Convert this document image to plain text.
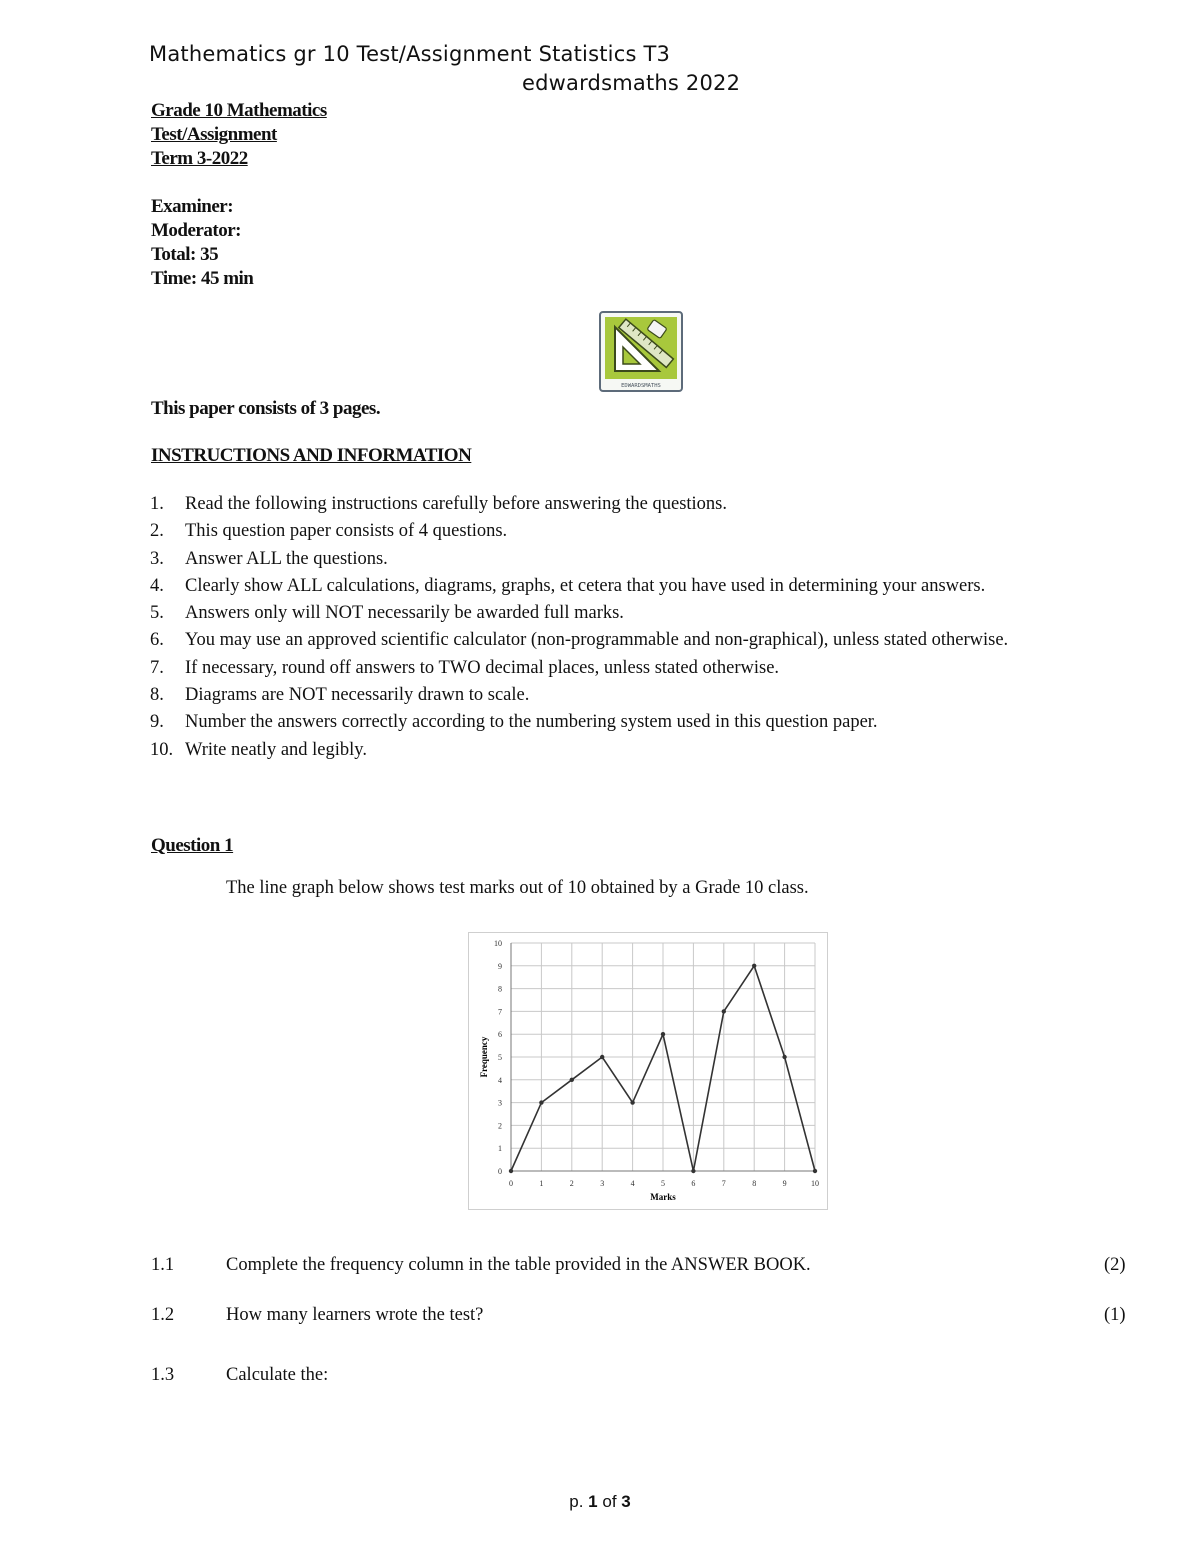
Mathematics gr 10 Test/Assignment Statistics T3
edwardsmaths 2022
Grade 10 Mathematics
Test/Assignment
Term 3-2022
Examiner:
Moderator:
Total: 35
Time: 45 min
EDWARDSMATHS
This paper consists of 3 pages.
INSTRUCTIONS AND INFORMATION
1.	Read the following instructions carefully before answering the questions.
2.	This question paper consists of 4 questions.
3.	Answer ALL the questions.
4.	Clearly show ALL calculations, diagrams, graphs, et cetera that you have used in determining your answers.
5.	Answers only will NOT necessarily be awarded full marks.
6.	You may use an approved scientific calculator (non-programmable and non-graphical), unless stated otherwise.
7.	If necessary, round off answers to TWO decimal places, unless stated otherwise.
8.	Diagrams are NOT necessarily drawn to scale.
9.	Number the answers correctly according to the numbering system used in this question paper.
10. Write neatly and legibly.
Question 1
The line graph below shows test marks out of 10 obtained by a Grade 10 class.
0	1	2	3	4	5	6	7	8	9	10
0
1
2
3
4
5
6
7
8
9
10
Marks
Frequency
1.1	Complete the frequency column in the table provided in the ANSWER BOOK.	(2)
1.2	How many learners wrote the test?	(1)
1.3	Calculate the:
p. 1 of 3
